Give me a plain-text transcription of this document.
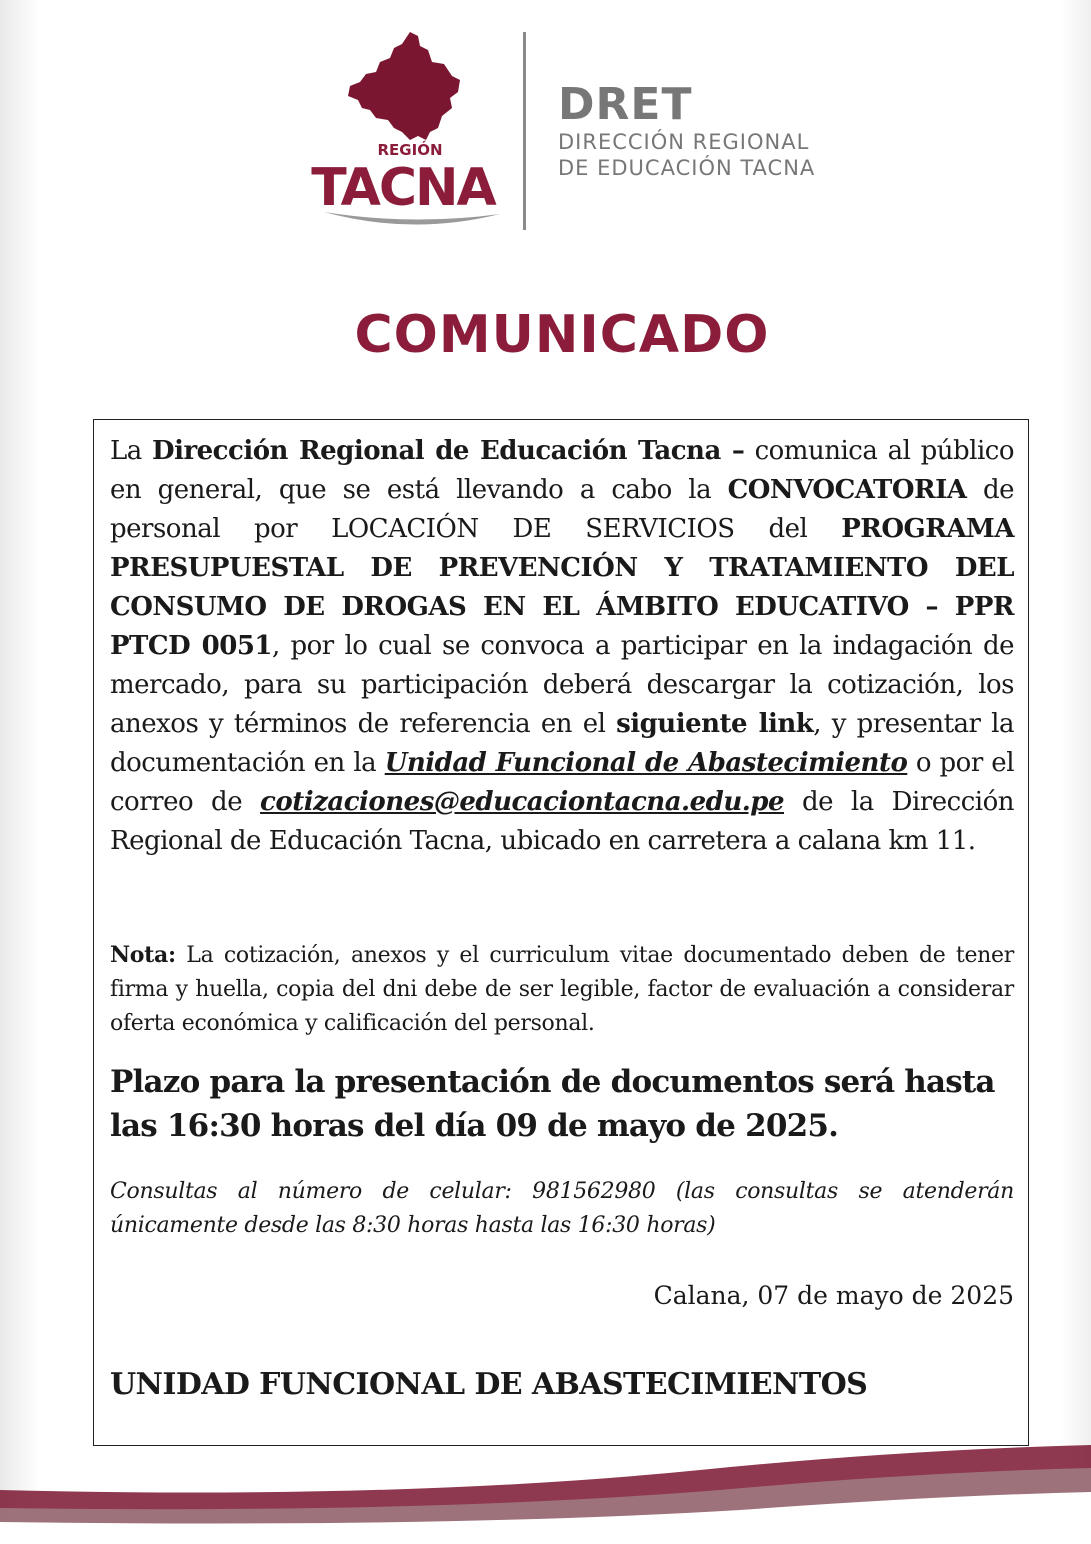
REGIÓN
TACNA
DRET
DIRECCIÓN REGIONAL
DE EDUCACIÓN TACNA
COMUNICADO
La Dirección Regional de Educación Tacna – comunica al público en general, que se está llevando a cabo la CONVOCATORIA de personal por LOCACIÓN DE SERVICIOS del PROGRAMA PRESUPUESTAL DE PREVENCIÓN Y TRATAMIENTO DEL CONSUMO DE DROGAS EN EL ÁMBITO EDUCATIVO – PPR PTCD 0051, por lo cual se convoca a participar en la indagación de mercado, para su participación deberá descargar la cotización, los anexos y términos de referencia en el siguiente link, y presentar la documentación en la Unidad Funcional de Abastecimiento o por el correo de cotizaciones@educaciontacna.edu.pe de la Dirección Regional de Educación Tacna, ubicado en carretera a calana km 11.
Nota: La cotización, anexos y el curriculum vitae documentado deben de tener firma y huella, copia del dni debe de ser legible, factor de evaluación a considerar oferta económica y calificación del personal.
Plazo para la presentación de documentos será hasta las 16:30 horas del día 09 de mayo de 2025.
Consultas al número de celular: 981562980 (las consultas se atenderán únicamente desde las 8:30 horas hasta las 16:30 horas)
Calana, 07 de mayo de 2025
UNIDAD FUNCIONAL DE ABASTECIMIENTOS
